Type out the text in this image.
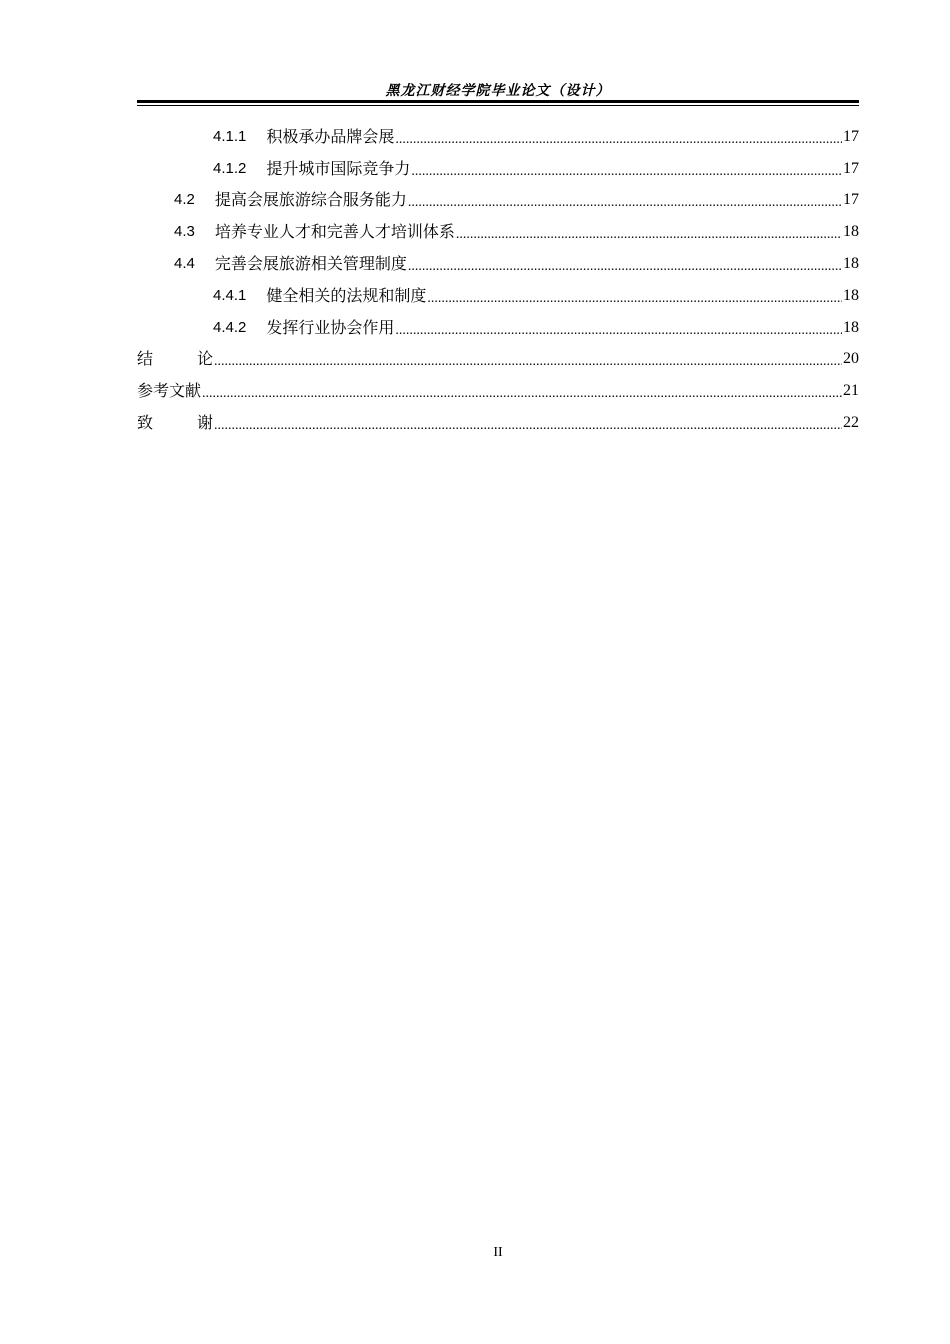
黑龙江财经学院毕业论文（设计）
4.1.1 积极承办品牌会展 .....	17
4.1.2 提升城市国际竞争力 .....	17
4.2 提高会展旅游综合服务能力 .....	17
4.3 培养专业人才和完善人才培训体系 .....	18
4.4 完善会展旅游相关管理制度 .....	18
4.4.1 健全相关的法规和制度 .....	18
4.4.2 发挥行业协会作用 .....	18
结	论 .....	20
参考文献 .....	21
致	谢 .....	22
II
